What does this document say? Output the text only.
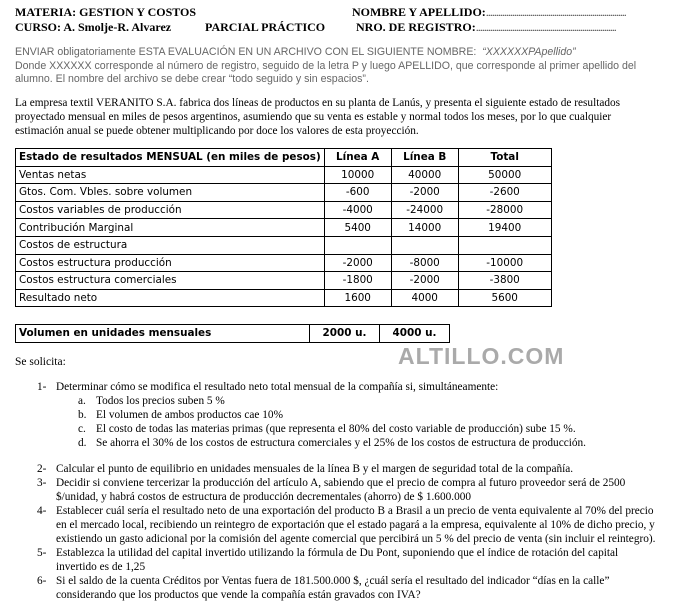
MATERIA: GESTION Y COSTOS	NOMBRE Y APELLIDO:......................................................................
CURSO: A. Smolje-R. Alvarez	PARCIAL PRÁCTICO	NRO. DE REGISTRO:......................................................................
ENVIAR obligatoriamente ESTA EVALUACIÓN EN UN ARCHIVO CON EL SIGUIENTE NOMBRE: “XXXXXXPApellido”
Donde XXXXXX corresponde al número de registro, seguido de la letra P y luego APELLIDO, que corresponde al primer apellido del
alumno. El nombre del archivo se debe crear “todo seguido y sin espacios”.
La empresa textil VERANITO S.A. fabrica dos líneas de productos en su planta de Lanús, y presenta el siguiente estado de resultados
proyectado mensual en miles de pesos argentinos, asumiendo que su venta es estable y normal todos los meses, por lo que cualquier
estimación anual se puede obtener multiplicando por doce los valores de esta proyección.
Estado de resultados MENSUAL (en miles de pesos)	Línea A	Línea B	Total
Ventas netas	10000	40000	50000
Gtos. Com. Vbles. sobre volumen	-600	-2000	-2600
Costos variables de producción	-4000	-24000	-28000
Contribución Marginal	5400	14000	19400
Costos de estructura			
Costos estructura producción	-2000	-8000	-10000
Costos estructura comerciales	-1800	-2000	-3800
Resultado neto	1600	4000	5600
Volumen en unidades mensuales	2000 u.	4000 u.
ALTILLO.COM
Se solicita:
1- Determinar cómo se modifica el resultado neto total mensual de la compañía si, simultáneamente:
2- Calcular el punto de equilibrio en unidades mensuales de la línea B y el margen de seguridad total de la compañía.
3- Decidir si conviene tercerizar la producción del artículo A, sabiendo que el precio de compra al futuro proveedor será de 2500
$/unidad, y habrá costos de estructura de producción decrementales (ahorro) de $ 1.600.000
4- Establecer cuál sería el resultado neto de una exportación del producto B a Brasil a un precio de venta equivalente al 70% del precio
en el mercado local, recibiendo un reintegro de exportación que el estado pagará a la empresa, equivalente al 10% de dicho precio, y
existiendo un gasto adicional por la comisión del agente comercial que percibirá un 5 % del precio de venta (sin incluir el reintegro).
5- Establezca la utilidad del capital invertido utilizando la fórmula de Du Pont, suponiendo que el índice de rotación del capital
invertido es de 1,25
6- Si el saldo de la cuenta Créditos por Ventas fuera de 181.500.000 $, ¿cuál sería el resultado del indicador “días en la calle”
considerando que los productos que vende la compañía están gravados con IVA?
a. Todos los precios suben 5 %
b. El volumen de ambos productos cae 10%
c. El costo de todas las materias primas (que representa el 80% del costo variable de producción) sube 15 %.
d. Se ahorra el 30% de los costos de estructura comerciales y el 25% de los costos de estructura de producción.
